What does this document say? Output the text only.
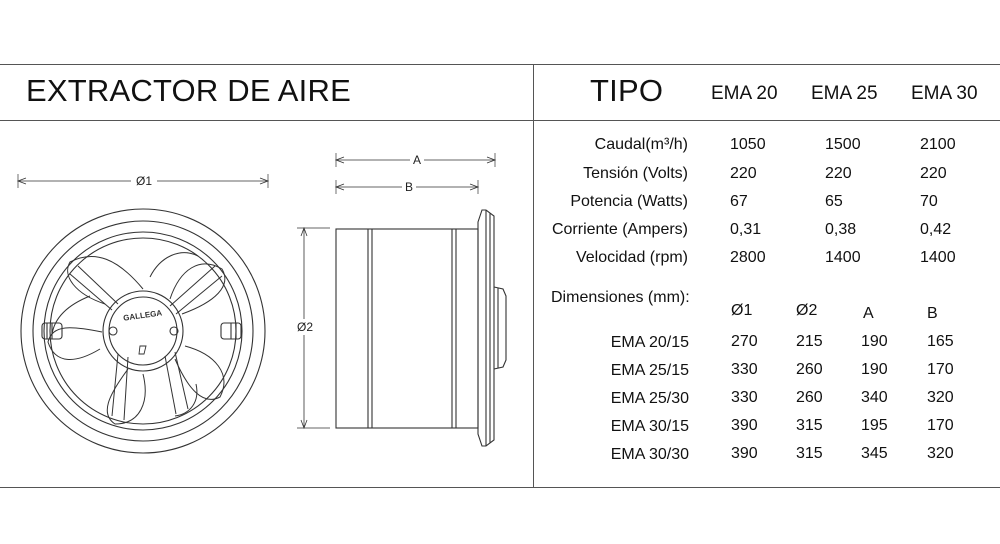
EXTRACTOR DE AIRE	TIPO	EMA 20 EMA 25 EMA 30
Caudal(m³/h)	1050	1500	2100
Tensión (Volts)	220	220	220
Potencia (Watts)	67	65	70
Corriente (Ampers)	0,31	0,38	0,42
Velocidad (rpm)	2800	1400	1400
Dimensiones (mm):
Ø1	Ø2	A	B
EMA 20/15	270 215 190 165
EMA 25/15	330 260 190 170
EMA 25/30	330 260 340 320
EMA 30/15	390 315 195 170
EMA 30/30	390 315 345 320
Ø1
GALLEGA
A
B
Ø2
